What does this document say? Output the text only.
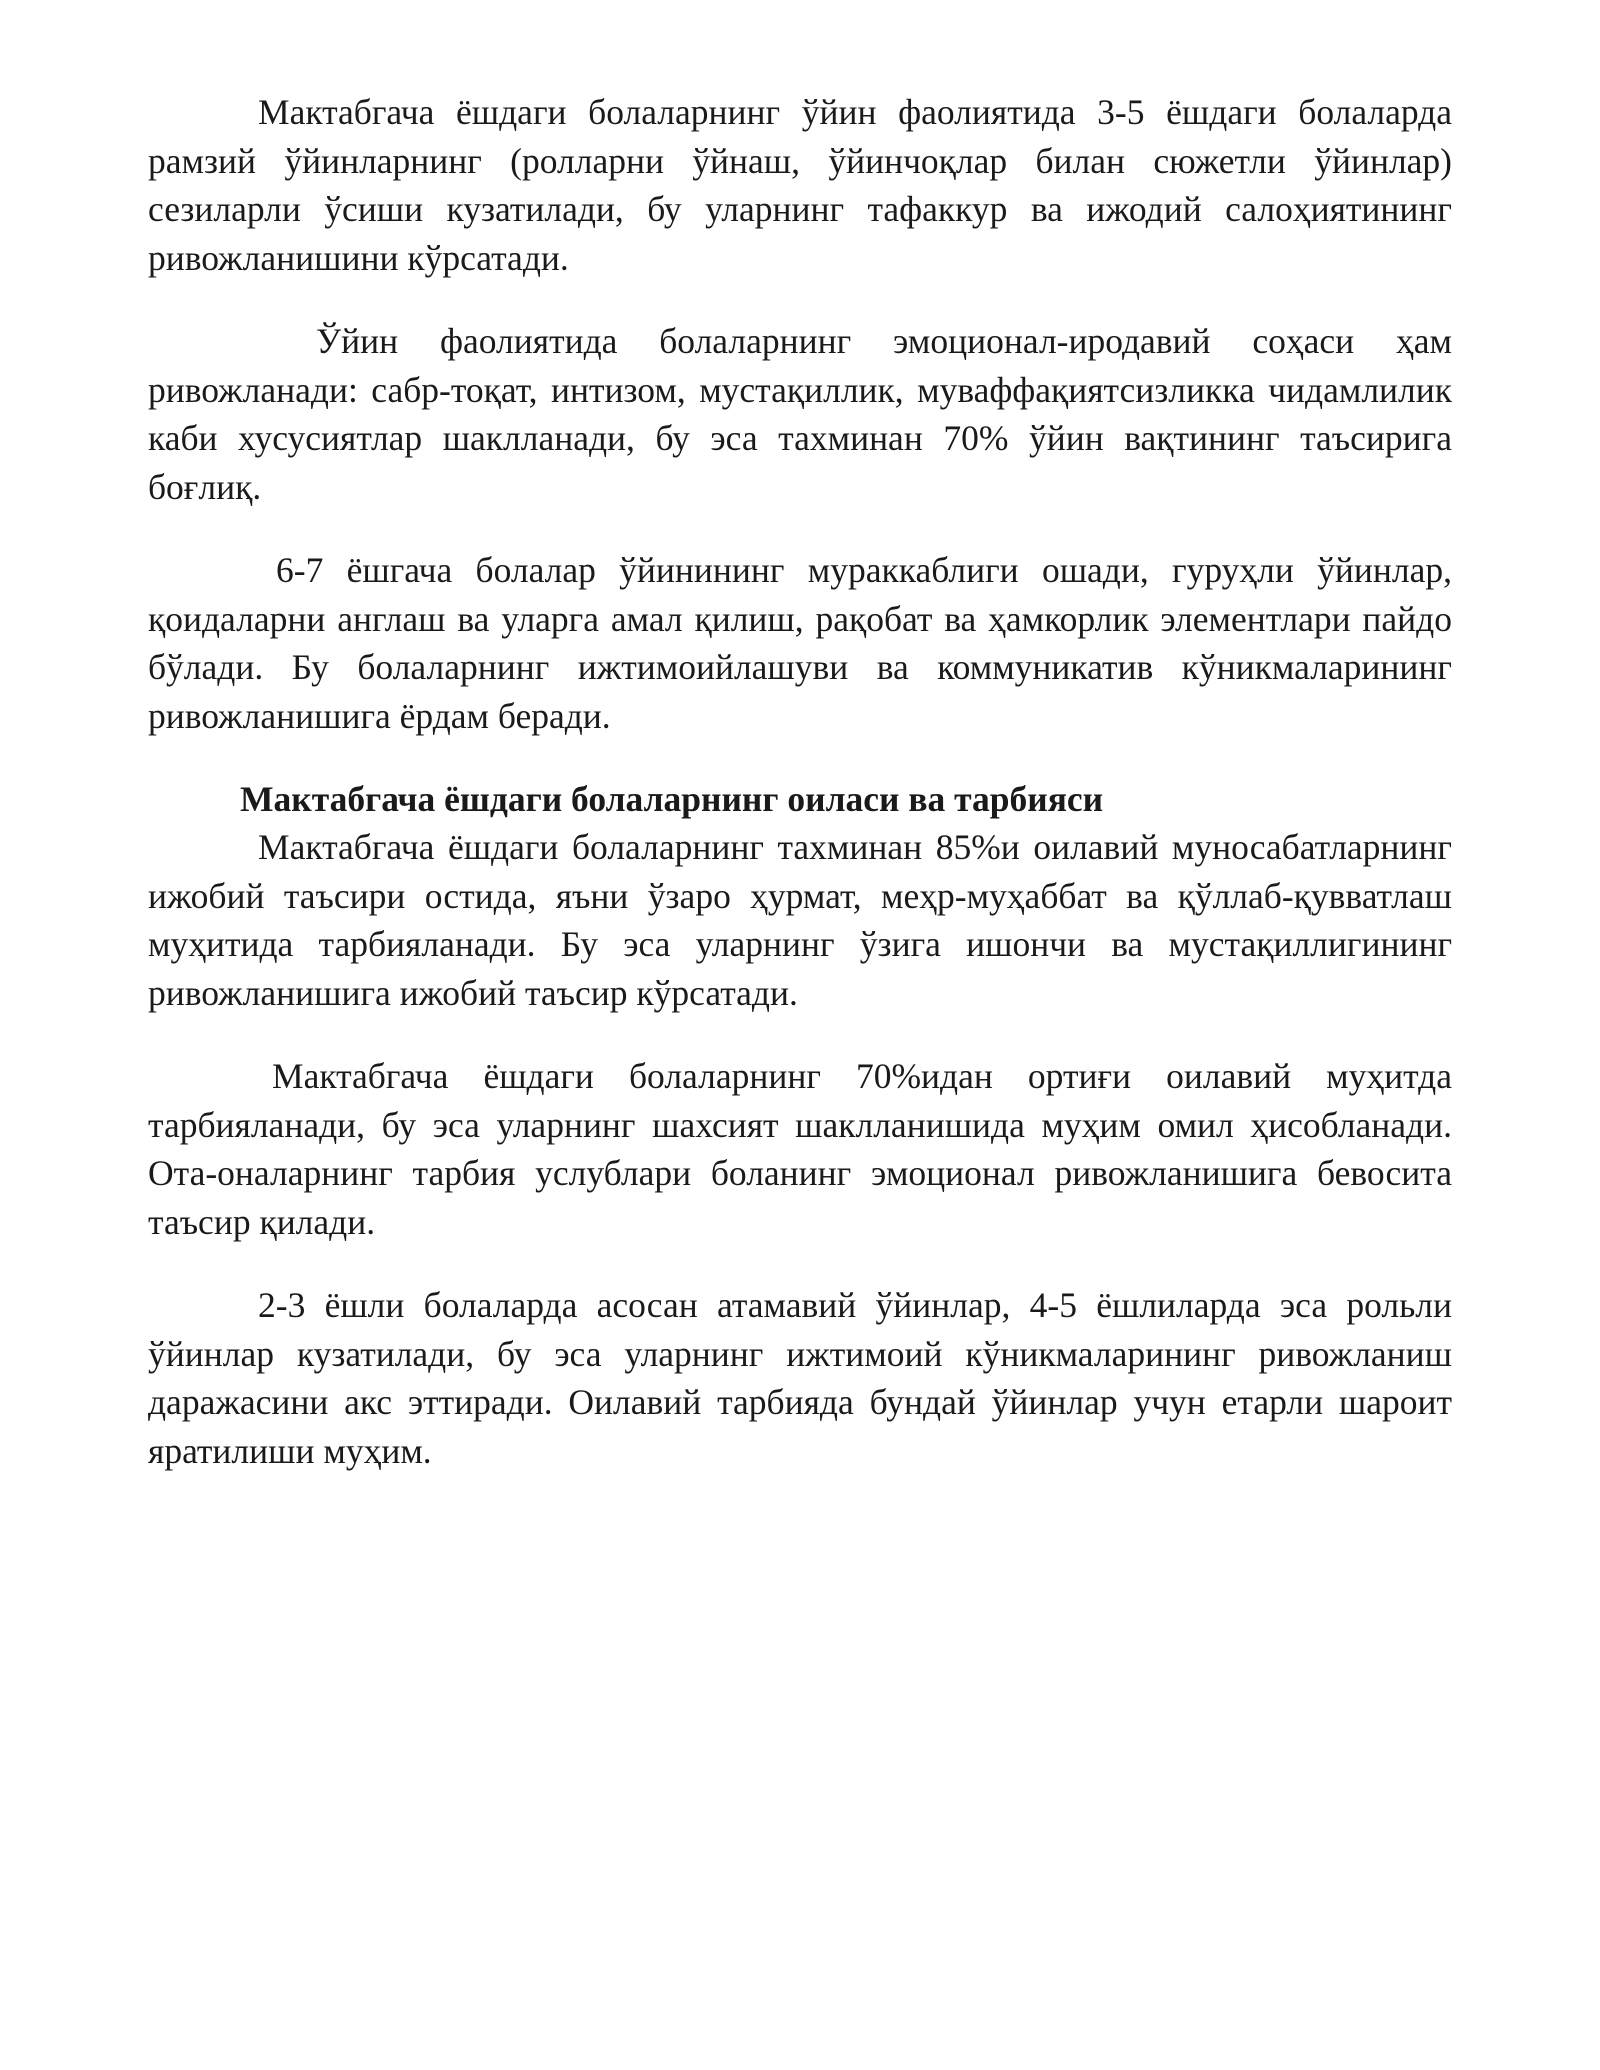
Мактабгача ёшдаги болаларнинг ўйин фаолиятида 3-5 ёшдаги болаларда рамзий ўйинларнинг (ролларни ўйнаш, ўйинчоқлар билан сюжетли ўйинлар) сезиларли ўсиши кузатилади, бу уларнинг тафаккур ва ижодий салоҳиятининг ривожланишини кўрсатади.

Ўйин фаолиятида болаларнинг эмоционал-иродавий соҳаси ҳам ривожланади: сабр-тоқат, интизом, мустақиллик, муваффақиятсизликка чидамлилик каби хусусиятлар шаклланади, бу эса тахминан 70% ўйин вақтининг таъсирига боғлиқ.

6-7 ёшгача болалар ўйинининг мураккаблиги ошади, гуруҳли ўйинлар, қоидаларни англаш ва уларга амал қилиш, рақобат ва ҳамкорлик элементлари пайдо бўлади. Бу болаларнинг ижтимоийлашуви ва коммуникатив кўникмаларининг ривожланишига ёрдам беради.

Мактабгача ёшдаги болаларнинг оиласи ва тарбияси

Мактабгача ёшдаги болаларнинг тахминан 85%и оилавий муносабатларнинг ижобий таъсири остида, яъни ўзаро ҳурмат, меҳр-муҳаббат ва қўллаб-қувватлаш муҳитида тарбияланади. Бу эса уларнинг ўзига ишончи ва мустақиллигининг ривожланишига ижобий таъсир кўрсатади.

Мактабгача ёшдаги болаларнинг 70%идан ортиғи оилавий муҳитда тарбияланади, бу эса уларнинг шахсият шаклланишида муҳим омил ҳисобланади. Ота-оналарнинг тарбия услублари боланинг эмоционал ривожланишига бевосита таъсир қилади.

2-3 ёшли болаларда асосан атамавий ўйинлар, 4-5 ёшлиларда эса рольли ўйинлар кузатилади, бу эса уларнинг ижтимоий кўникмаларининг ривожланиш даражасини акс эттиради. Оилавий тарбияда бундай ўйинлар учун етарли шароит яратилиши муҳим.
